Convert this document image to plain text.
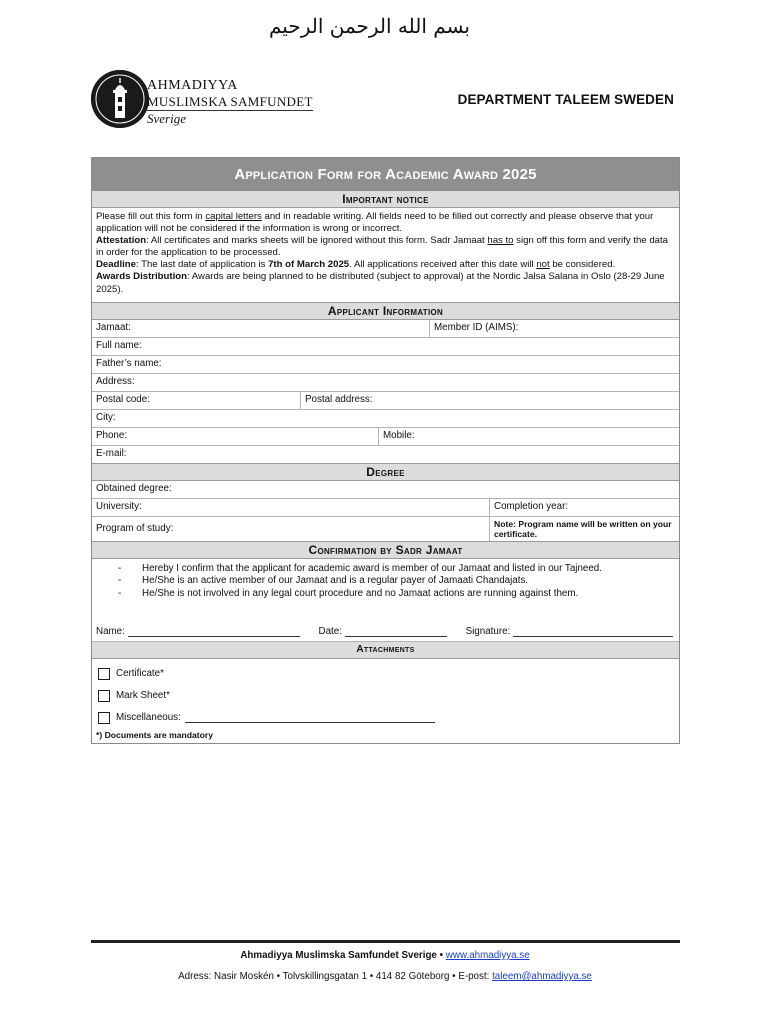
بسم الله الرحمن الرحيم
AHMADIYYA
MUSLIMSKA SAMFUNDET
Sverige
DEPARTMENT TALEEM SWEDEN
Application Form for Academic Award 2025
Important notice
Please fill out this form in capital letters and in readable writing. All fields need to be filled out correctly and please observe that your application will not be considered if the information is wrong or incorrect.
Attestation: All certificates and marks sheets will be ignored without this form. Sadr Jamaat has to sign off this form and verify the data in order for the application to be processed.
Deadline: The last date of application is 7th of March 2025. All applications received after this date will not be considered.
Awards Distribution: Awards are being planned to be distributed (subject to approval) at the Nordic Jalsa Salana in Oslo (28-29 June 2025).
Applicant Information
Jamaat:	Member ID (AIMS):
Full name:
Father’s name:
Address:
Postal code:	Postal address:
City:
Phone:	Mobile:
E-mail:
Degree
Obtained degree:
University:	Completion year:
Program of study:	Note: Program name will be written on your certificate.
Confirmation by Sadr Jamaat
- Hereby I confirm that the applicant for academic award is member of our Jamaat and listed in our Tajneed.
- He/She is an active member of our Jamaat and is a regular payer of Jamaati Chandajats.
- He/She is not involved in any legal court procedure and no Jamaat actions are running against them.
Name:	Date:	Signature:
Attachments
Certificate*
Mark Sheet*
Miscellaneous:
*) Documents are mandatory
Ahmadiyya Muslimska Samfundet Sverige • www.ahmadiyya.se
Adress: Nasir Moskén • Tolvskillingsgatan 1 • 414 82 Göteborg • E-post: taleem@ahmadiyya.se
